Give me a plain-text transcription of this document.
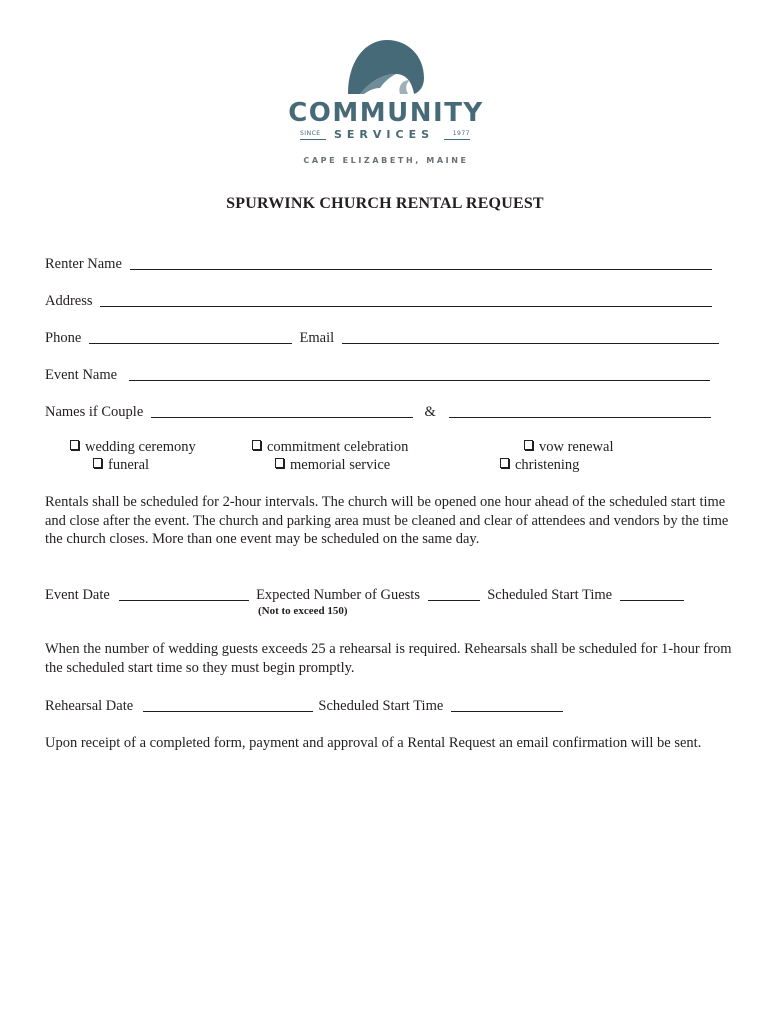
COMMUNITY
SINCE	SERVICES	1977
CAPE ELIZABETH, MAINE
SPURWINK CHURCH RENTAL REQUEST
Renter Name
Address
Phone	Email
Event Name
Names if Couple	&
wedding ceremony	commitment celebration	vow renewal
funeral	memorial service	christening
Rentals shall be scheduled for 2-hour intervals. The church will be opened one hour ahead of the scheduled start time and close after the event. The church and parking area must be cleaned and clear of attendees and vendors by the time the church closes. More than one event may be scheduled on the same day.
Event Date	Expected Number of Guests	Scheduled Start Time
(Not to exceed 150)
When the number of wedding guests exceeds 25 a rehearsal is required. Rehearsals shall be scheduled for 1-hour from the scheduled start time so they must begin promptly.
Rehearsal Date	Scheduled Start Time
Upon receipt of a completed form, payment and approval of a Rental Request an email confirmation will be sent.
